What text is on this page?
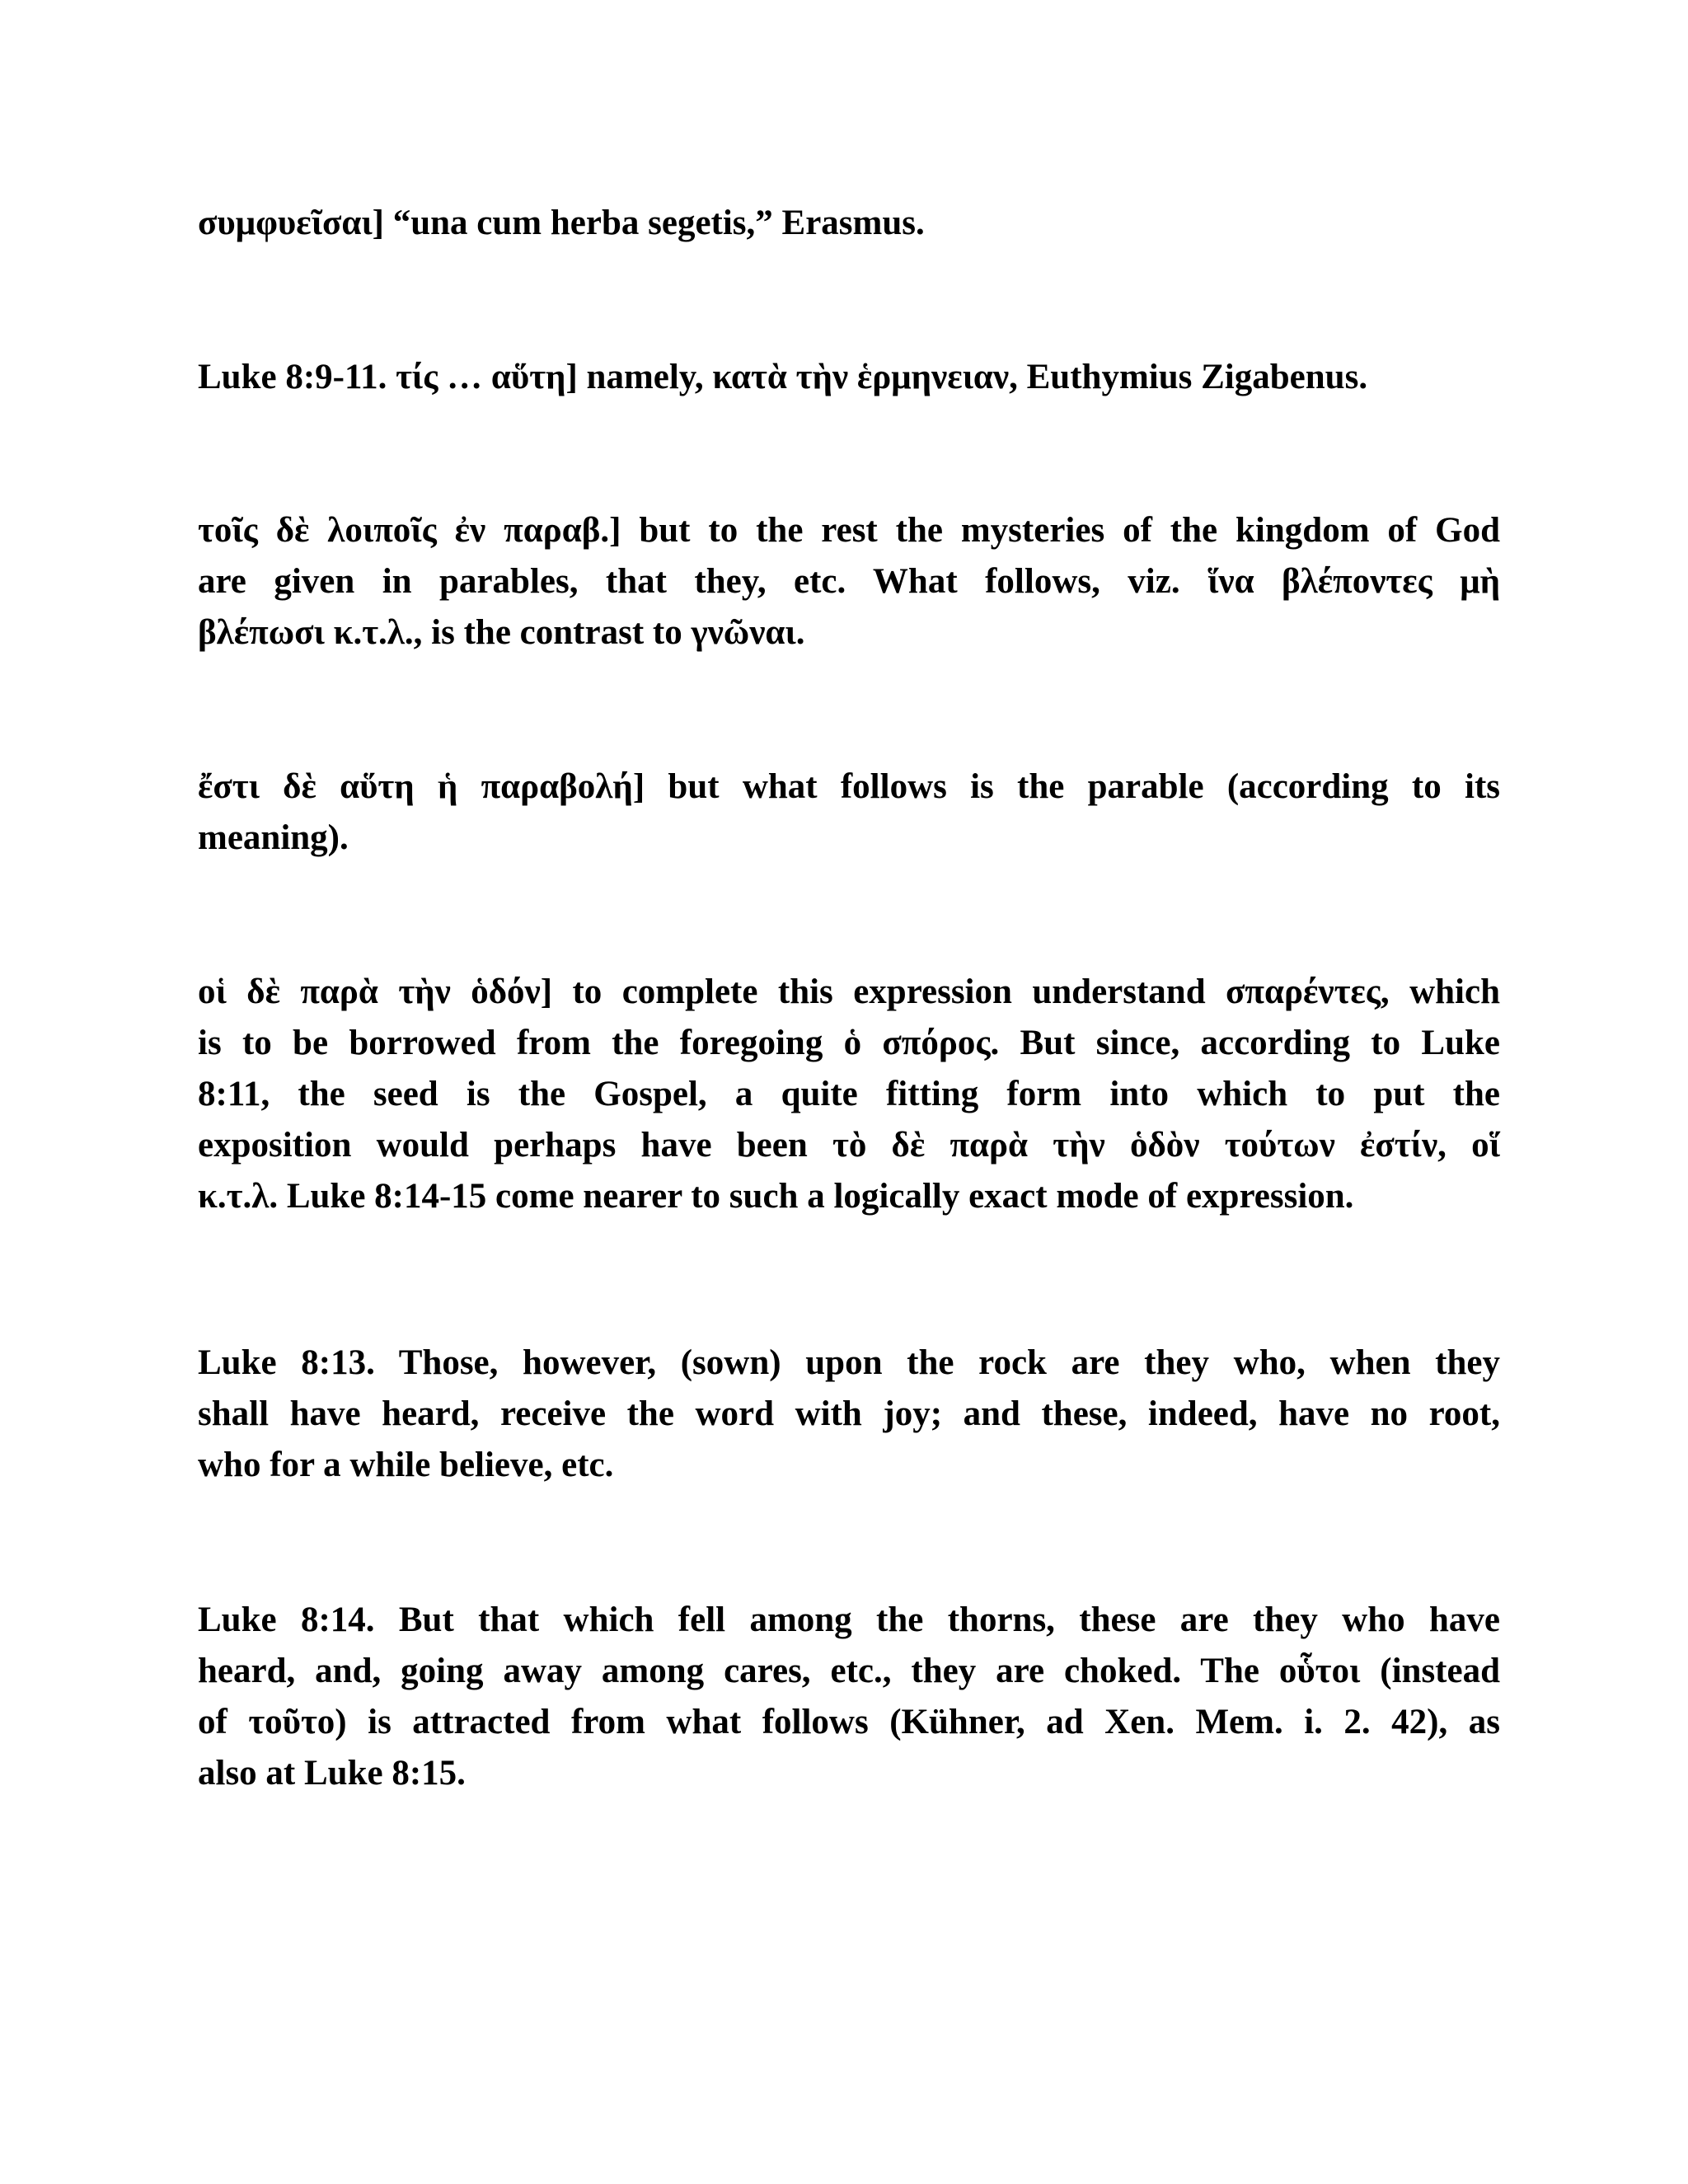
συμφυεῖσαι] “una cum herba segetis,” Erasmus.

Luke 8:9-11. τίς … αὕτη] namely, κατὰ τὴν ἑρμηνειαν, Euthymius Zigabenus.

τοῖς δὲ λοιποῖς ἐν παραβ.] but to the rest the mysteries of the kingdom of God
are given in parables, that they, etc. What follows, viz. ἵνα βλέποντες μὴ
βλέπωσι κ.τ.λ., is the contrast to γνῶναι.

ἔστι δὲ αὕτη ἡ παραβολή] but what follows is the parable (according to its
meaning).

οἱ δὲ παρὰ τὴν ὁδόν] to complete this expression understand σπαρέντες, which
is to be borrowed from the foregoing ὁ σπόρος. But since, according to Luke
8:11, the seed is the Gospel, a quite fitting form into which to put the
exposition would perhaps have been τὸ δὲ παρὰ τὴν ὁδὸν τούτων ἐστίν, οἵ
κ.τ.λ. Luke 8:14-15 come nearer to such a logically exact mode of expression.

Luke 8:13. Those, however, (sown) upon the rock are they who, when they
shall have heard, receive the word with joy; and these, indeed, have no root,
who for a while believe, etc.

Luke 8:14. But that which fell among the thorns, these are they who have
heard, and, going away among cares, etc., they are choked. The οὗτοι (instead
of τοῦτο) is attracted from what follows (Kühner, ad Xen. Mem. i. 2. 42), as
also at Luke 8:15.
